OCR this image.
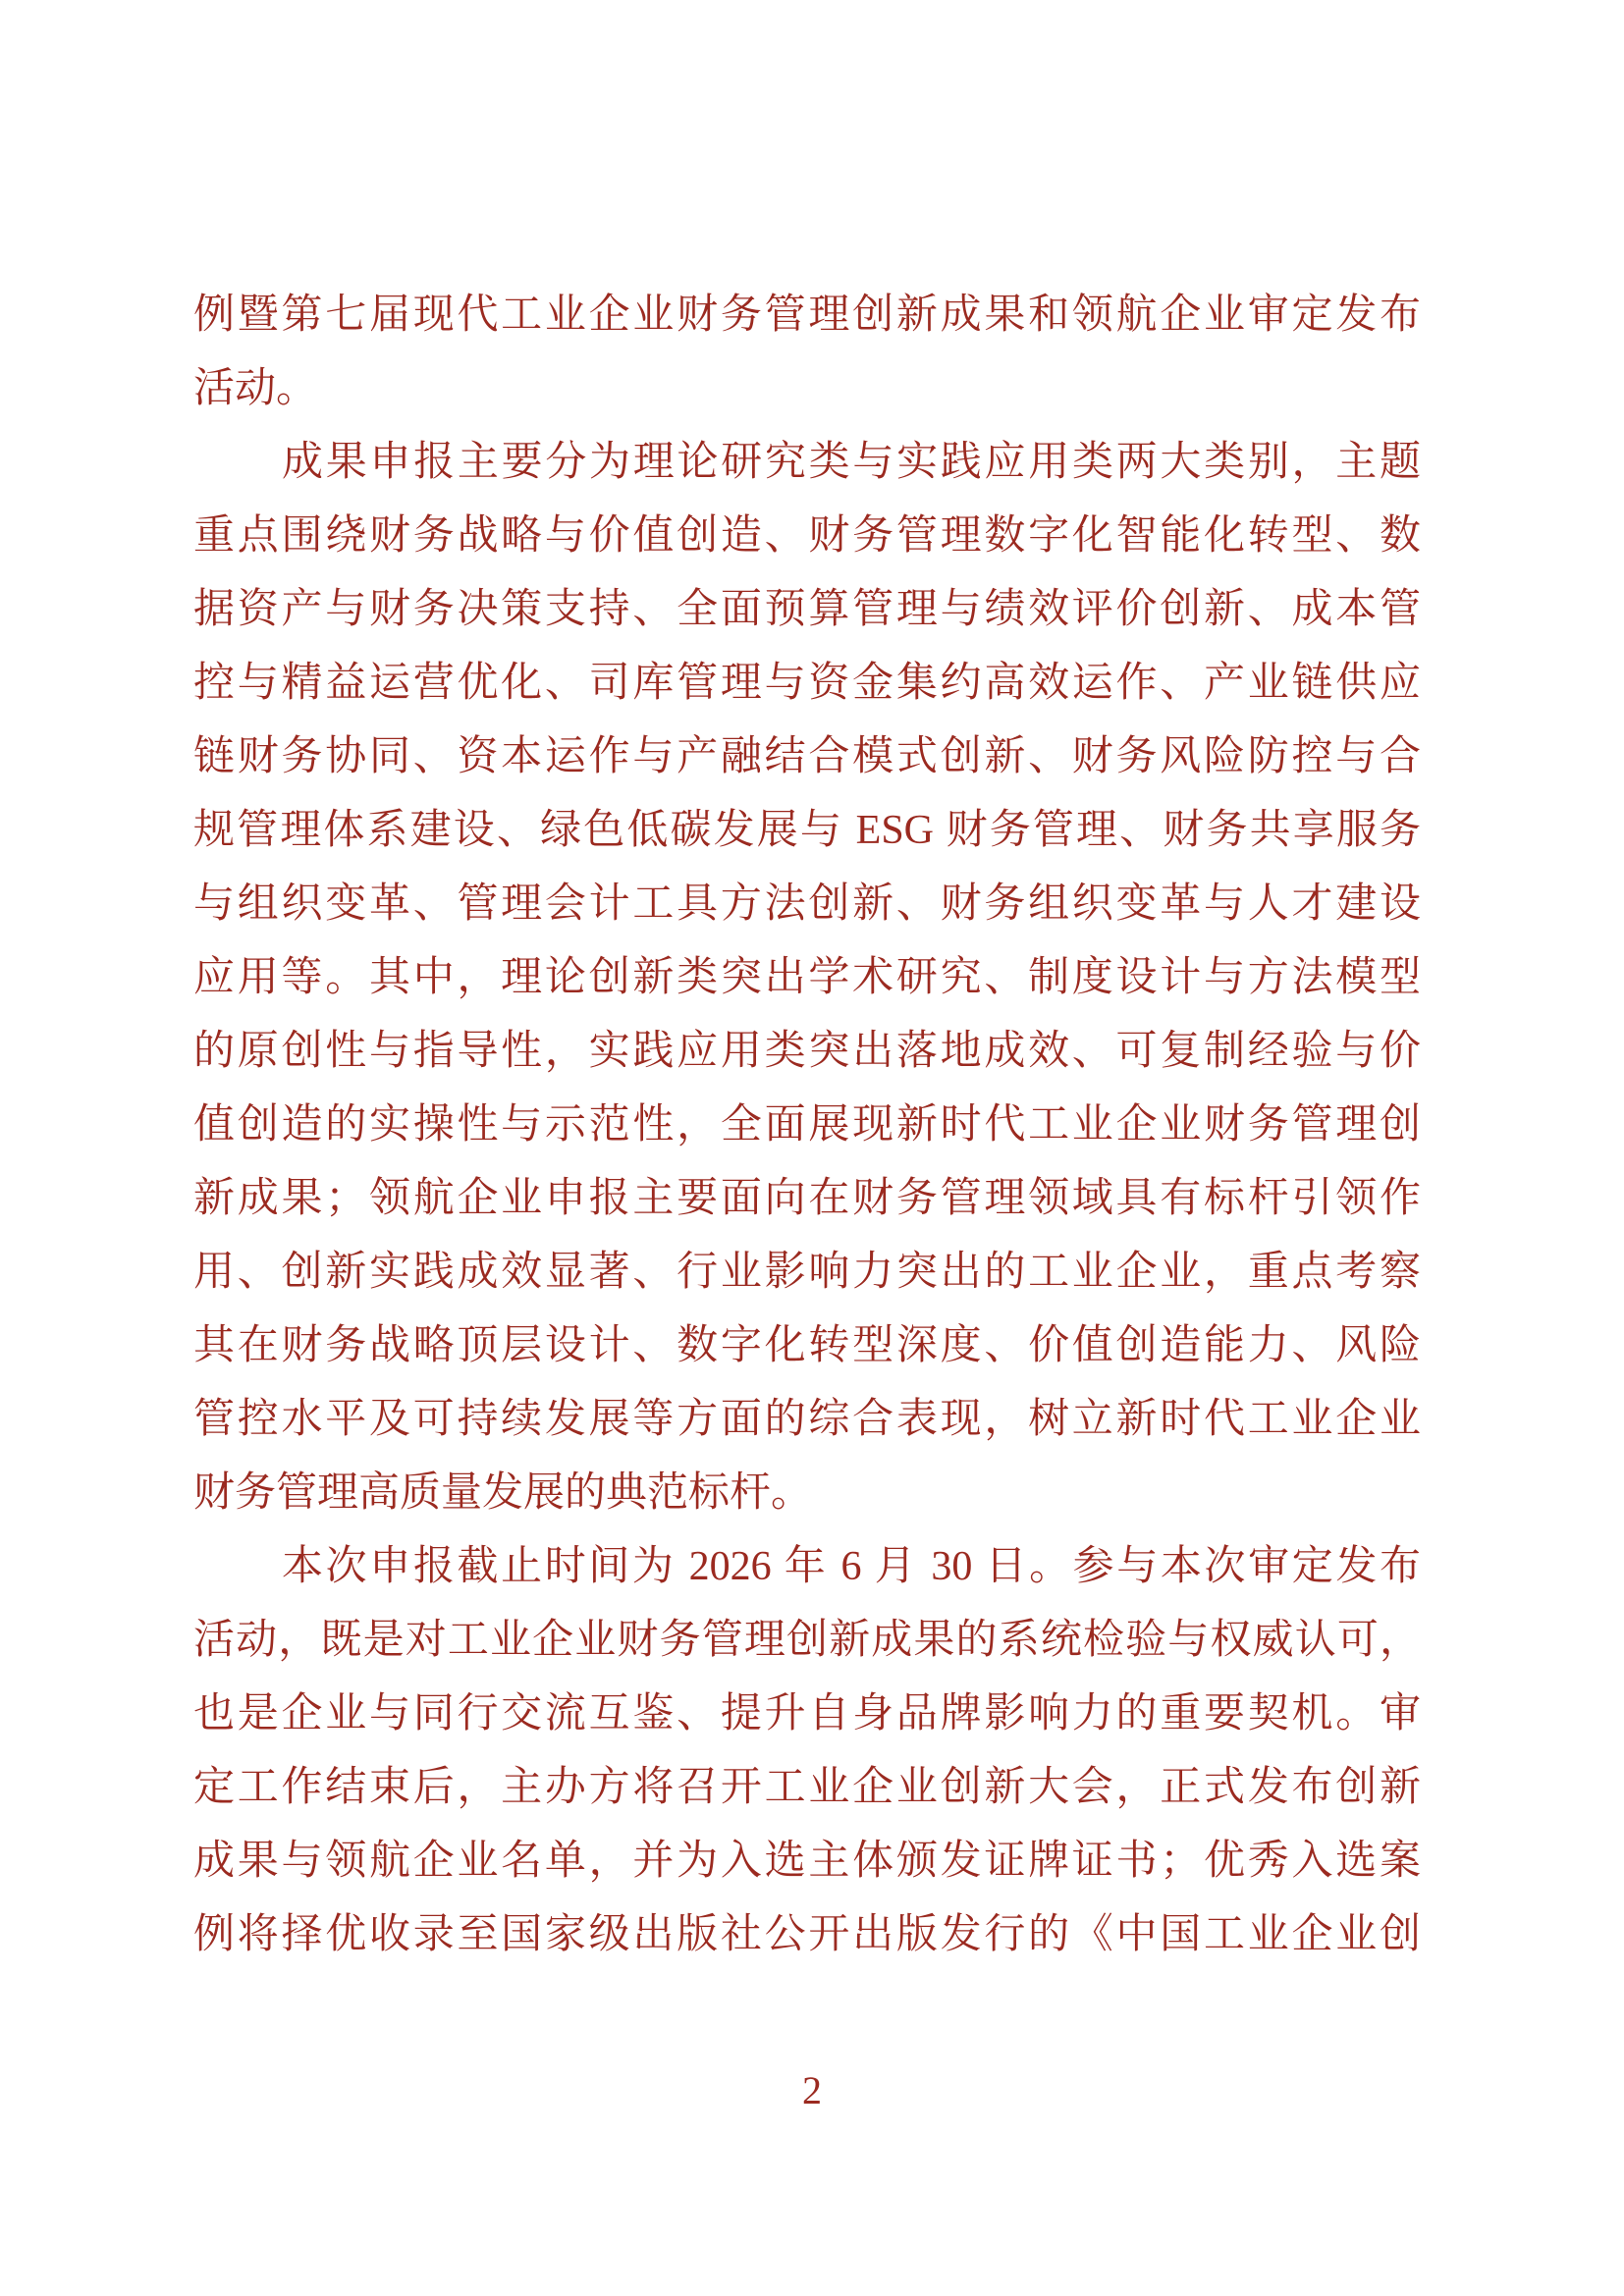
例暨第七届现代工业企业财务管理创新成果和领航企业审定发布

活动。

成果申报主要分为理论研究类与实践应用类两大类别，主题

重点围绕财务战略与价值创造、财务管理数字化智能化转型、数

据资产与财务决策支持、全面预算管理与绩效评价创新、成本管

控与精益运营优化、司库管理与资金集约高效运作、产业链供应

链财务协同、资本运作与产融结合模式创新、财务风险防控与合

规管理体系建设、绿色低碳发展与 ESG 财务管理、财务共享服务

与组织变革、管理会计工具方法创新、财务组织变革与人才建设

应用等。其中，理论创新类突出学术研究、制度设计与方法模型

的原创性与指导性，实践应用类突出落地成效、可复制经验与价

值创造的实操性与示范性，全面展现新时代工业企业财务管理创

新成果；领航企业申报主要面向在财务管理领域具有标杆引领作

用、创新实践成效显著、行业影响力突出的工业企业，重点考察

其在财务战略顶层设计、数字化转型深度、价值创造能力、风险

管控水平及可持续发展等方面的综合表现，树立新时代工业企业

财务管理高质量发展的典范标杆。

本次申报截止时间为 2026 年 6 月 30 日。参与本次审定发布

活动，既是对工业企业财务管理创新成果的系统检验与权威认可，

也是企业与同行交流互鉴、提升自身品牌影响力的重要契机。审

定工作结束后，主办方将召开工业企业创新大会，正式发布创新

成果与领航企业名单，并为入选主体颁发证牌证书；优秀入选案

例将择优收录至国家级出版社公开出版发行的《中国工业企业创

2
